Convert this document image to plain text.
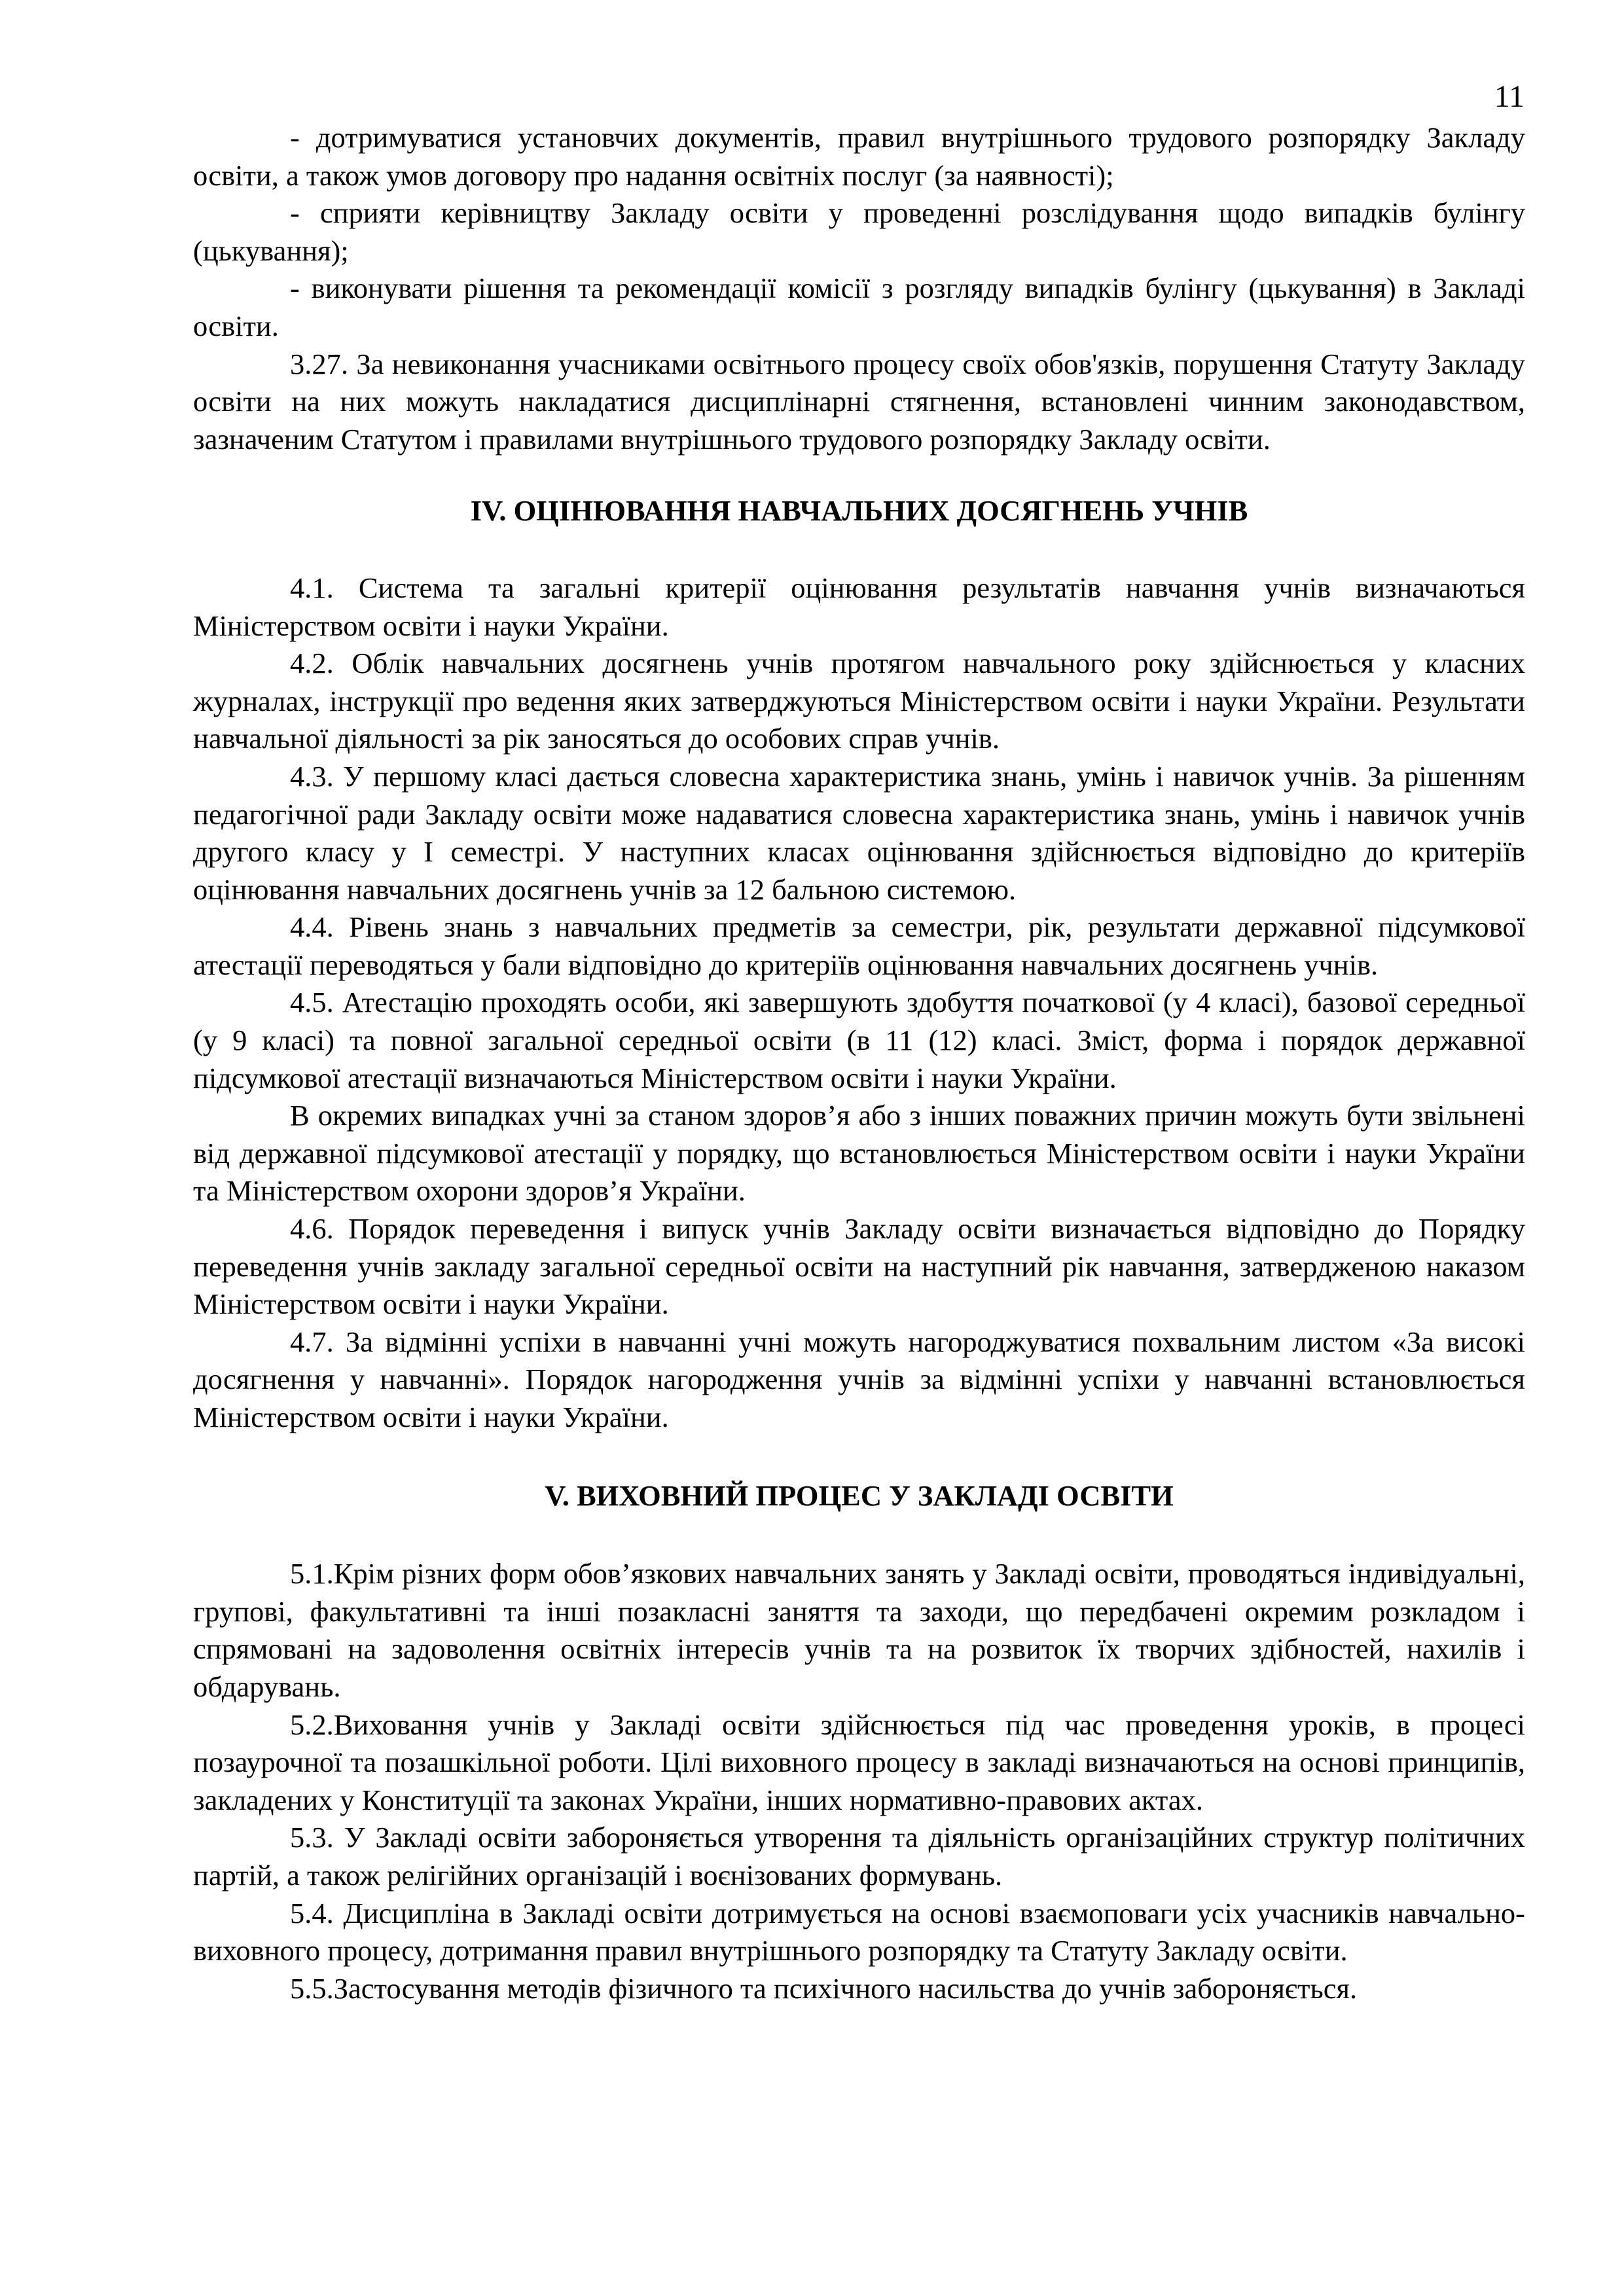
11

- дотримуватися установчих документів, правил внутрішнього трудового розпорядку Закладу освіти, а також умов договору про надання освітніх послуг (за наявності);

- сприяти керівництву Закладу освіти у проведенні розслідування щодо випадків булінгу (цькування);

- виконувати рішення та рекомендації комісії з розгляду випадків булінгу (цькування) в Закладі освіти.

3.27. За невиконання учасниками освітнього процесу своїх обов'язків, порушення Статуту Закладу освіти на них можуть накладатися дисциплінарні стягнення, встановлені чинним законодавством, зазначеним Статутом і правилами внутрішнього трудового розпорядку Закладу освіти.

IV. ОЦІНЮВАННЯ НАВЧАЛЬНИХ ДОСЯГНЕНЬ УЧНІВ

4.1. Система та загальні критерії оцінювання результатів навчання учнів визначаються Міністерством освіти і науки України.

4.2. Облік навчальних досягнень учнів протягом навчального року здійснюється у класних журналах, інструкції про ведення яких затверджуються Міністерством освіти і науки України. Результати навчальної діяльності за рік заносяться до особових справ учнів.

4.3. У першому класі дається словесна характеристика знань, умінь і навичок учнів. За рішенням педагогічної ради Закладу освіти може надаватися словесна характеристика знань, умінь і навичок учнів другого класу у I семестрі. У наступних класах оцінювання здійснюється відповідно до критеріїв оцінювання навчальних досягнень учнів за 12 бальною системою.

4.4. Рівень знань з навчальних предметів за семестри, рік, результати державної підсумкової атестації переводяться у бали відповідно до критеріїв оцінювання навчальних досягнень учнів.

4.5. Атестацію проходять особи, які завершують здобуття початкової (у 4 класі), базової середньої (у 9 класі) та повної загальної середньої освіти (в 11 (12) класі. Зміст, форма і порядок державної підсумкової атестації визначаються Міністерством освіти і науки України.

В окремих випадках учні за станом здоров’я або з інших поважних причин можуть бути звільнені від державної підсумкової атестації у порядку, що встановлюється Міністерством освіти і науки України та Міністерством охорони здоров’я України.

4.6. Порядок переведення і випуск учнів Закладу освіти визначається відповідно до Порядку переведення учнів закладу загальної середньої освіти на наступний рік навчання, затвердженою наказом Міністерством освіти і науки України.

4.7. За відмінні успіхи в навчанні учні можуть нагороджуватися похвальним листом «За високі досягнення у навчанні». Порядок нагородження учнів за відмінні успіхи у навчанні встановлюється Міністерством освіти і науки України.

V. ВИХОВНИЙ ПРОЦЕС У ЗАКЛАДІ ОСВІТИ

5.1.Крім різних форм обов’язкових навчальних занять у Закладі освіти, проводяться індивідуальні, групові, факультативні та інші позакласні заняття та заходи, що передбачені окремим розкладом і спрямовані на задоволення освітніх інтересів учнів та на розвиток їх творчих здібностей, нахилів і обдарувань.

5.2.Виховання учнів у Закладі освіти здійснюється під час проведення уроків, в процесі позаурочної та позашкільної роботи. Цілі виховного процесу в закладі визначаються на основі принципів, закладених у Конституції та законах України, інших нормативно-правових актах.

5.3. У Закладі освіти забороняється утворення та діяльність організаційних структур політичних партій, а також релігійних організацій і воєнізованих формувань.

5.4. Дисципліна в Закладі освіти дотримується на основі взаємоповаги усіх учасників навчально-виховного процесу, дотримання правил внутрішнього розпорядку та Статуту Закладу освіти.

5.5.Застосування методів фізичного та психічного насильства до учнів забороняється.
